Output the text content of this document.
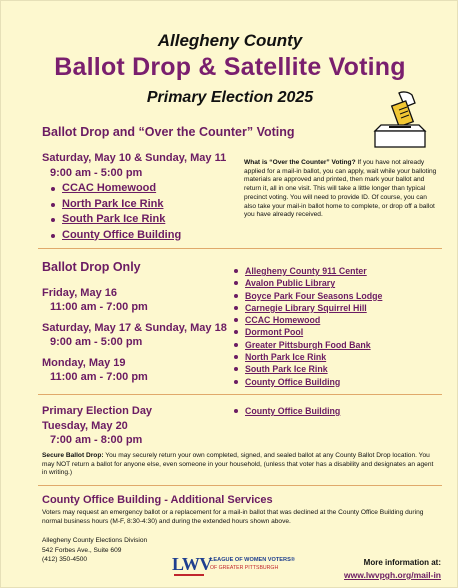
Allegheny County
Ballot Drop & Satellite Voting
Primary Election 2025
Ballot Drop and “Over the Counter” Voting
Saturday, May 10 & Sunday, May 11
9:00 am - 5:00 pm
CCAC Homewood
North Park Ice Rink
South Park Ice Rink
County Office Building
What is “Over the Counter” Voting? If you have not already applied for a mail-in ballot, you can apply, wait while your balloting materials are approved and printed, then mark your ballot and return it, all in one visit. This will take a little longer than typical precinct voting. You will need to provide ID. Of course, you can also take your mail-in ballot home to complete, or drop off a ballot you have already received.
Ballot Drop Only
Friday, May 16
11:00 am - 7:00 pm
Saturday, May 17 & Sunday, May 18
9:00 am - 5:00 pm
Monday, May 19
11:00 am - 7:00 pm
Allegheny County 911 Center
Avalon Public Library
Boyce Park Four Seasons Lodge
Carnegie Library Squirrel Hill
CCAC Homewood
Dormont Pool
Greater Pittsburgh Food Bank
North Park Ice Rink
South Park Ice Rink
County Office Building
Primary Election Day
Tuesday, May 20
7:00 am - 8:00 pm
County Office Building
Secure Ballot Drop: You may securely return your own completed, signed, and sealed ballot at any County Ballot Drop location. You may NOT return a ballot for anyone else, even someone in your household, (unless that voter has a disability and designates an agent in writing.)
County Office Building - Additional Services
Voters may request an emergency ballot or a replacement for a mail-in ballot that was declined at the County Office Building during normal business hours (M-F, 8:30-4:30) and during the extended hours shown above.
Allegheny County Elections Division
542 Forbes Ave., Suite 609
(412) 350-4500	LWV
LEAGUE OF WOMEN VOTERS®
OF GREATER PITTSBURGH
More information at:
www.lwvpgh.org/mail-in
